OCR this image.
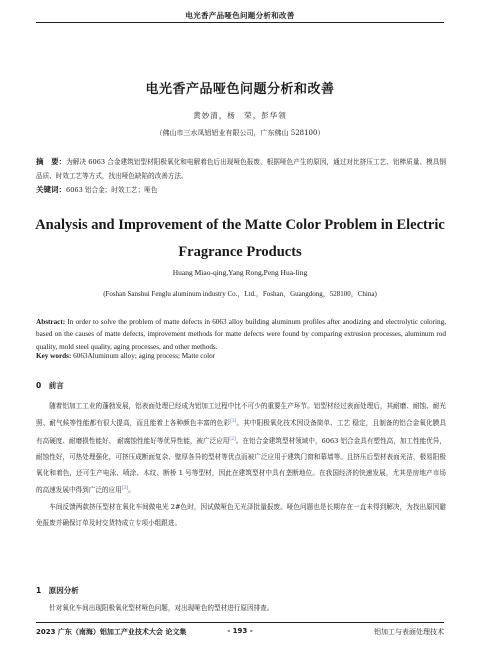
电光香产品哑色问题分析和改善
电光香产品哑色问题分析和改善
黄妙清，杨　荣，彭华领
（佛山市三水凤铝铝业有限公司，广东佛山 528100）
摘　要：为解决 6063 合金建筑铝型材阳极氧化和电解着色后出现哑色报废，根据哑色产生的原因，通过对比挤压工艺、铝棒质量、模具钢品质、时效工艺等方式，找出哑色缺陷的改善方法。
关键词：6063 铝合金；时效工艺；哑色
Analysis and Improvement of the Matte Color Problem in Electric
Fragrance Products
Huang Miao-qing,Yang Rong,Peng Hua-ling
(Foshan Sanshui Fenglu aluminum industry Co.，Ltd.，Foshan，Guangdong，528100，China)
Abstract: In order to solve the problem of matte defects in 6063 alloy building aluminum profiles after anodizing and electrolytic coloring, based on the causes of matte defects, improvement methods for matte defects were found by comparing extrusion processes, aluminum rod quality, mold steel quality, aging processes, and other methods.
Key words: 6063Aluminum alloy; aging process; Matte color
0　前言

随着铝加工工业的蓬勃发展，铝表面处理已经成为铝加工过程中比不可少的重要生产环节。铝型材经过表面处理后，其耐磨、耐蚀、耐光照、耐气候等性能都有很大提高，而且能着上各种颜色丰富的色彩[1]。其中阳极氧化技术因设备简单、工艺 稳定，且制备的铝合金氧化膜具有高硬度、耐磨损性能好、 耐腐蚀性能好等优异性能，被广泛应用[2]。在铝合金建筑型材领域中，6063 铝合金具有塑性高，加工性能优异，耐蚀性好，可热处理强化，可挤压成断面复杂、壁厚各异的型材等优点而被广泛应用于建筑门窗和幕墙等。且挤压后型材表面光洁，极易阳极氧化和着色，还可生产电泳、喷涂、木纹、断桥 1 号等型材，因此在建筑型材中具有垄断地位。在我国经济的快速发展，尤其是房地产市场的高速发展中得到广泛的应用[3]。

车间反馈两款挤压型材在氧化车间做电光 2#色时，因试做哑色无光泽批量报废。哑色问题也是长期存在一直未得到解决，为找出原因避免报废并确保订单及时交货特成立专项小组跟进。

1　原因分析

针对氧化车间出现阳极氧化型材哑色问题，对出现哑色的型材进行原因排查。

2023 广东（南海）铝加工产业技术大会 论文集	- 193 -	铝加工与表面处理技术
